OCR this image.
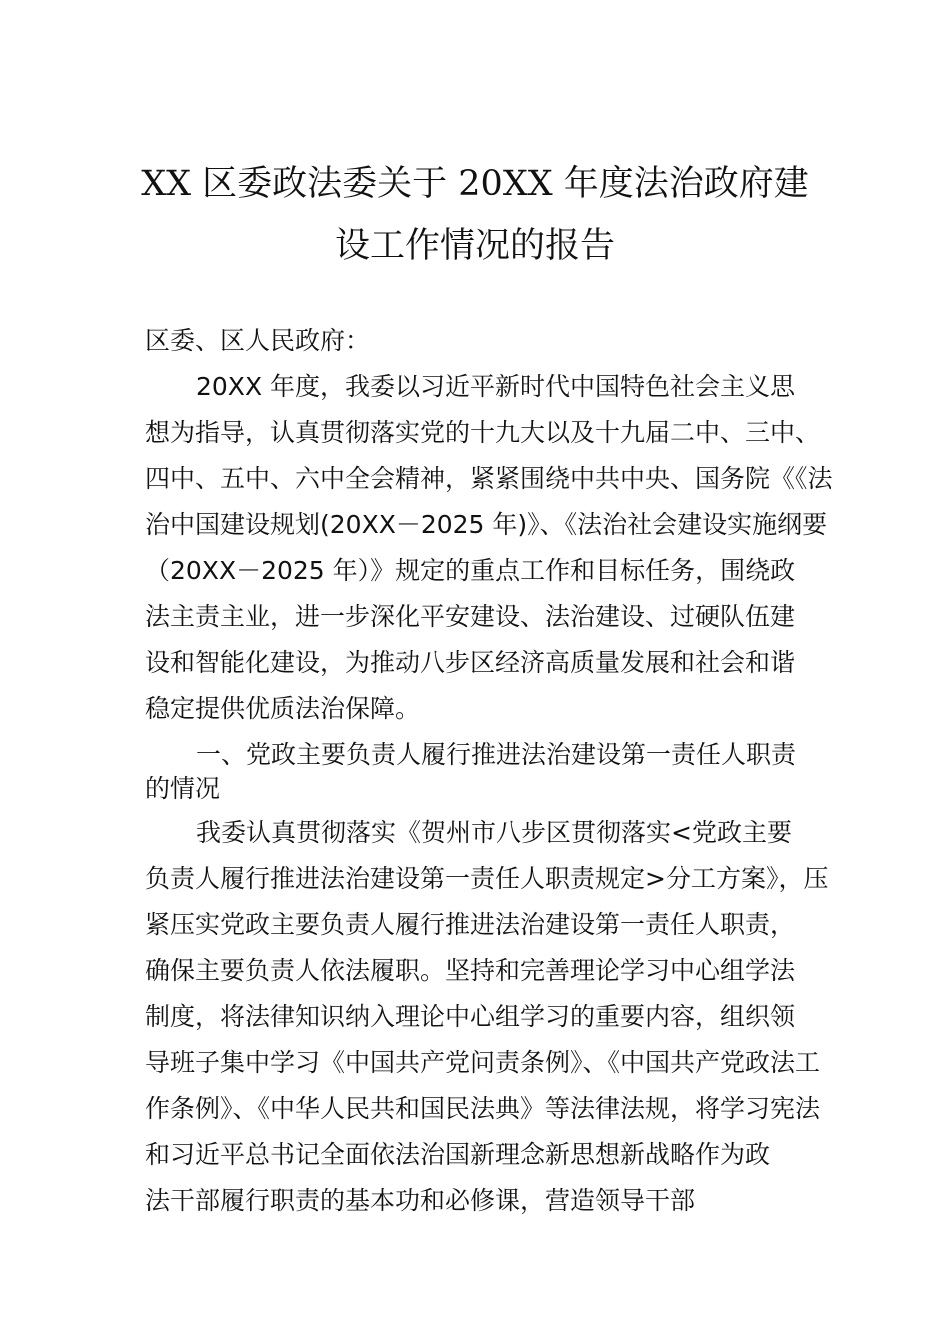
XX 区委政法委关于 20XX 年度法治政府建
设工作情况的报告
区委、区人民政府：
20XX 年度，我委以习近平新时代中国特色社会主义思
想为指导，认真贯彻落实党的十九大以及十九届二中、三中、
四中、五中、六中全会精神，紧紧围绕中共中央、国务院《《法
治中国建设规划(20XX－2025 年)》、《法治社会建设实施纲要
（20XX－2025 年）》规定的重点工作和目标任务，围绕政
法主责主业，进一步深化平安建设、法治建设、过硬队伍建
设和智能化建设，为推动八步区经济高质量发展和社会和谐
稳定提供优质法治保障。
一、党政主要负责人履行推进法治建设第一责任人职责
的情况
我委认真贯彻落实《贺州市八步区贯彻落实<党政主要
负责人履行推进法治建设第一责任人职责规定>分工方案》，压
紧压实党政主要负责人履行推进法治建设第一责任人职责，
确保主要负责人依法履职。坚持和完善理论学习中心组学法
制度，将法律知识纳入理论中心组学习的重要内容，组织领
导班子集中学习《中国共产党问责条例》、《中国共产党政法工
作条例》、《中华人民共和国民法典》等法律法规，将学习宪法
和习近平总书记全面依法治国新理念新思想新战略作为政
法干部履行职责的基本功和必修课，营造领导干部
